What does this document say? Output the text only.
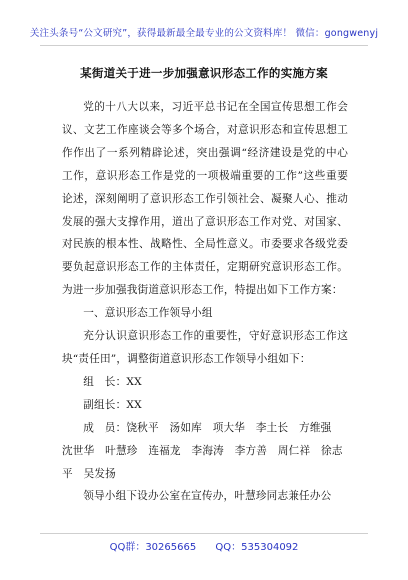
关注头条号“公文研究”，获得最新最全最专业的公文资料库！ 微信：gongwenyj
某街道关于进一步加强意识形态工作的实施方案

党的十八大以来，习近平总书记在全国宣传思想工作会议、文艺工作座谈会等多个场合，对意识形态和宣传思想工作作出了一系列精辟论述，突出强调“经济建设是党的中心工作，意识形态工作是党的一项极端重要的工作”这些重要论述，深刻阐明了意识形态工作引领社会、凝聚人心、推动发展的强大支撑作用，道出了意识形态工作对党、对国家、对民族的根本性、战略性、全局性意义。市委要求各级党委要负起意识形态工作的主体责任，定期研究意识形态工作。为进一步加强我街道意识形态工作，特提出如下工作方案：

一、意识形态工作领导小组

充分认识意识形态工作的重要性，守好意识形态工作这块“责任田”，调整街道意识形态工作领导小组如下：

组　长：XX

副组长：XX

成　员：饶秋平　汤如库　项大华　李土长　方维强

沈世华　叶慧珍　连福龙　李海涛　李方善　周仁祥　徐志

平　吴发扬

领导小组下设办公室在宣传办，叶慧珍同志兼任办公

QQ群：30265665 QQ：535304092
